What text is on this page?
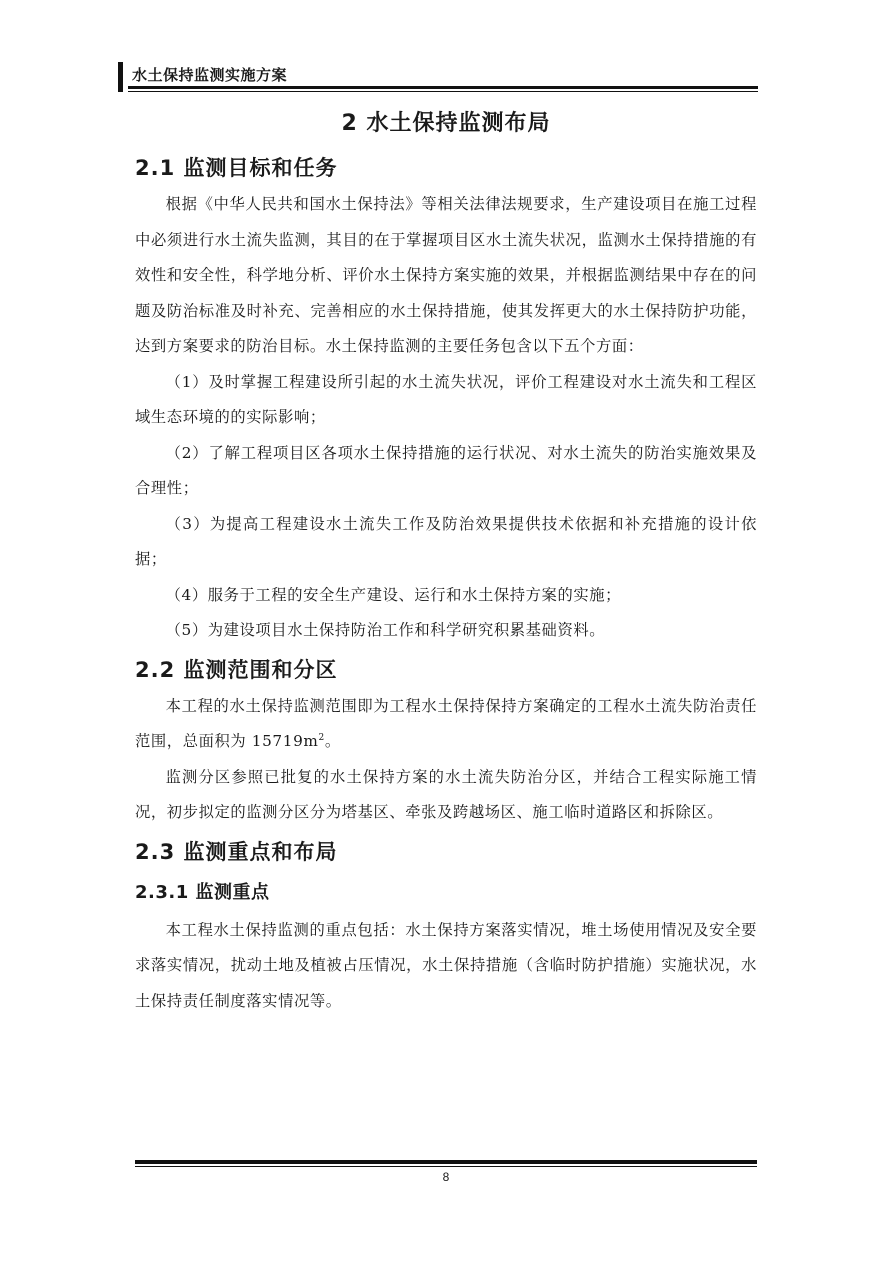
水土保持监测实施方案
2 水土保持监测布局
2.1 监测目标和任务

根据《中华人民共和国水土保持法》等相关法律法规要求，生产建设项目在施工过程中必须进行水土流失监测，其目的在于掌握项目区水土流失状况，监测水土保持措施的有效性和安全性，科学地分析、评价水土保持方案实施的效果，并根据监测结果中存在的问题及防治标准及时补充、完善相应的水土保持措施，使其发挥更大的水土保持防护功能，达到方案要求的防治目标。水土保持监测的主要任务包含以下五个方面：

（1）及时掌握工程建设所引起的水土流失状况，评价工程建设对水土流失和工程区域生态环境的的实际影响；

（2）了解工程项目区各项水土保持措施的运行状况、对水土流失的防治实施效果及合理性；

（3）为提高工程建设水土流失工作及防治效果提供技术依据和补充措施的设计依据；

（4）服务于工程的安全生产建设、运行和水土保持方案的实施；

（5）为建设项目水土保持防治工作和科学研究积累基础资料。

2.2 监测范围和分区

本工程的水土保持监测范围即为工程水土保持保持方案确定的工程水土流失防治责任范围，总面积为 $15719m^2$。

监测分区参照已批复的水土保持方案的水土流失防治分区，并结合工程实际施工情况，初步拟定的监测分区分为塔基区、牵张及跨越场区、施工临时道路区和拆除区。

2.3 监测重点和布局
2.3.1 监测重点

本工程水土保持监测的重点包括：水土保持方案落实情况，堆土场使用情况及安全要求落实情况，扰动土地及植被占压情况，水土保持措施（含临时防护措施）实施状况，水土保持责任制度落实情况等。

8
